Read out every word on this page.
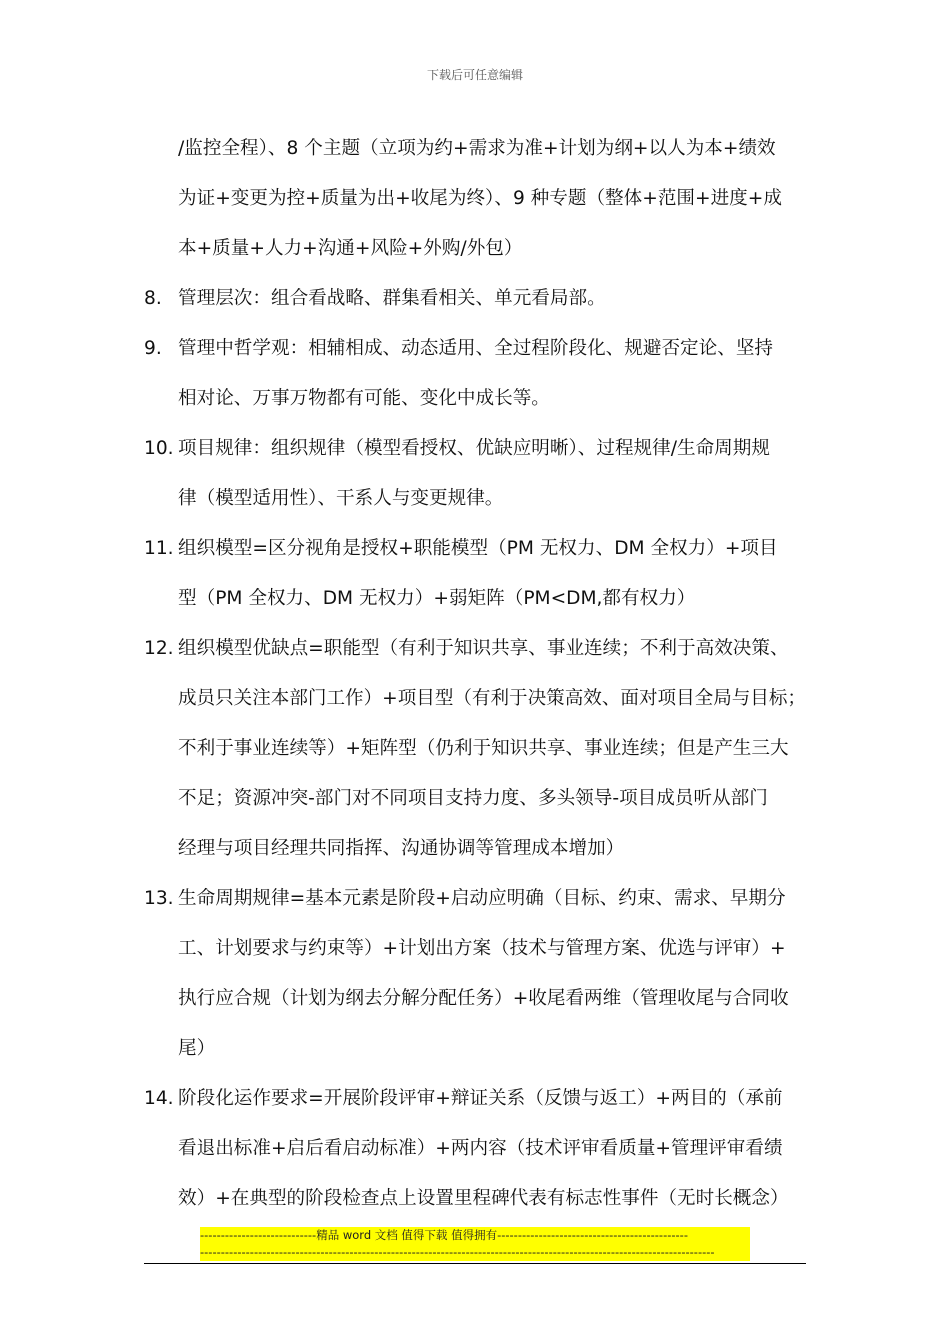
下载后可任意编辑
/监控全程）、8 个主题（立项为约+需求为准+计划为纲+以人为本+绩效
为证+变更为控+质量为出+收尾为终）、9 种专题（整体+范围+进度+成
本+质量+人力+沟通+风险+外购/外包）
8. 管理层次：组合看战略、群集看相关、单元看局部。
9. 管理中哲学观：相辅相成、动态适用、全过程阶段化、规避否定论、坚持
相对论、万事万物都有可能、变化中成长等。
10. 项目规律：组织规律（模型看授权、优缺应明晰）、过程规律/生命周期规
律（模型适用性）、干系人与变更规律。
11. 组织模型=区分视角是授权+职能模型（PM 无权力、DM 全权力）+项目
型（PM 全权力、DM 无权力）+弱矩阵（PM<DM,都有权力）
12. 组织模型优缺点=职能型（有利于知识共享、事业连续；不利于高效决策、
成员只关注本部门工作）+项目型（有利于决策高效、面对项目全局与目标；
不利于事业连续等）+矩阵型（仍利于知识共享、事业连续；但是产生三大
不足；资源冲突-部门对不同项目支持力度、多头领导-项目成员听从部门
经理与项目经理共同指挥、沟通协调等管理成本增加）
13. 生命周期规律=基本元素是阶段+启动应明确（目标、约束、需求、早期分
工、计划要求与约束等）+计划出方案（技术与管理方案、优选与评审）+
执行应合规（计划为纲去分解分配任务）+收尾看两维（管理收尾与合同收
尾）
14. 阶段化运作要求=开展阶段评审+辩证关系（反馈与返工）+两目的（承前
看退出标准+启后看启动标准）+两内容（技术评审看质量+管理评审看绩
效）+在典型的阶段检查点上设置里程碑代表有标志性事件（无时长概念）
----------------------------精品 word 文档 值得下载 值得拥有----------------------------------------------
----------------------------------------------------------------------------------------------------------------------------
